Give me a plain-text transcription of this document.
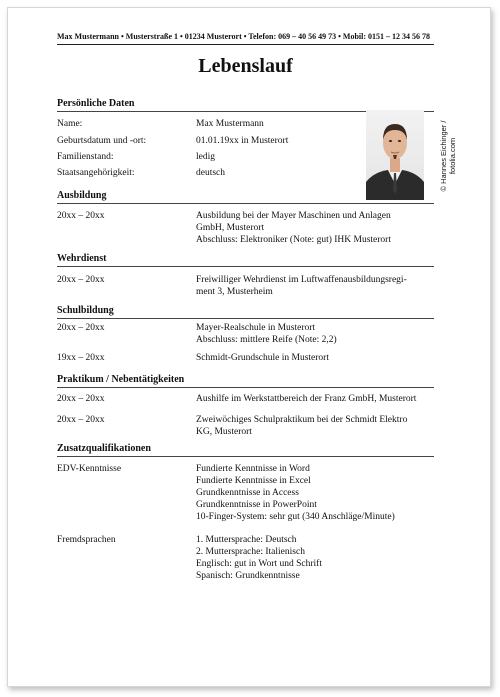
Max Mustermann • Musterstraße 1 • 01234 Musterort • Telefon: 069 – 40 56 49 73 • Mobil: 0151 – 12 34 56 78
Lebenslauf
Persönliche Daten
Name:	Max Mustermann
Geburtsdatum und -ort:	01.01.19xx in Musterort
Familienstand:	ledig
Staatsangehörigkeit:	deutsch	© Hannes Eichinger / fotolia.com
Ausbildung
20xx – 20xx	Ausbildung bei der Mayer Maschinen und Anlagen
GmbH, Musterort
Abschluss: Elektroniker (Note: gut) IHK Musterort
Wehrdienst
20xx – 20xx	Freiwilliger Wehrdienst im Luftwaffenausbildungsregi-
ment 3, Musterheim
Schulbildung
20xx – 20xx	Mayer-Realschule in Musterort
Abschluss: mittlere Reife (Note: 2,2)
19xx – 20xx	Schmidt-Grundschule in Musterort
Praktikum / Nebentätigkeiten
20xx – 20xx	Aushilfe im Werkstattbereich der Franz GmbH, Musterort
20xx – 20xx	Zweiwöchiges Schulpraktikum bei der Schmidt Elektro
KG, Musterort
Zusatzqualifikationen
EDV-Kenntnisse	Fundierte Kenntnisse in Word
Fundierte Kenntnisse in Excel
Grundkenntnisse in Access
Grundkenntnisse in PowerPoint
10-Finger-System: sehr gut (340 Anschläge/Minute)
Fremdsprachen	1. Muttersprache: Deutsch
2. Muttersprache: Italienisch
Englisch: gut in Wort und Schrift
Spanisch: Grundkenntnisse
